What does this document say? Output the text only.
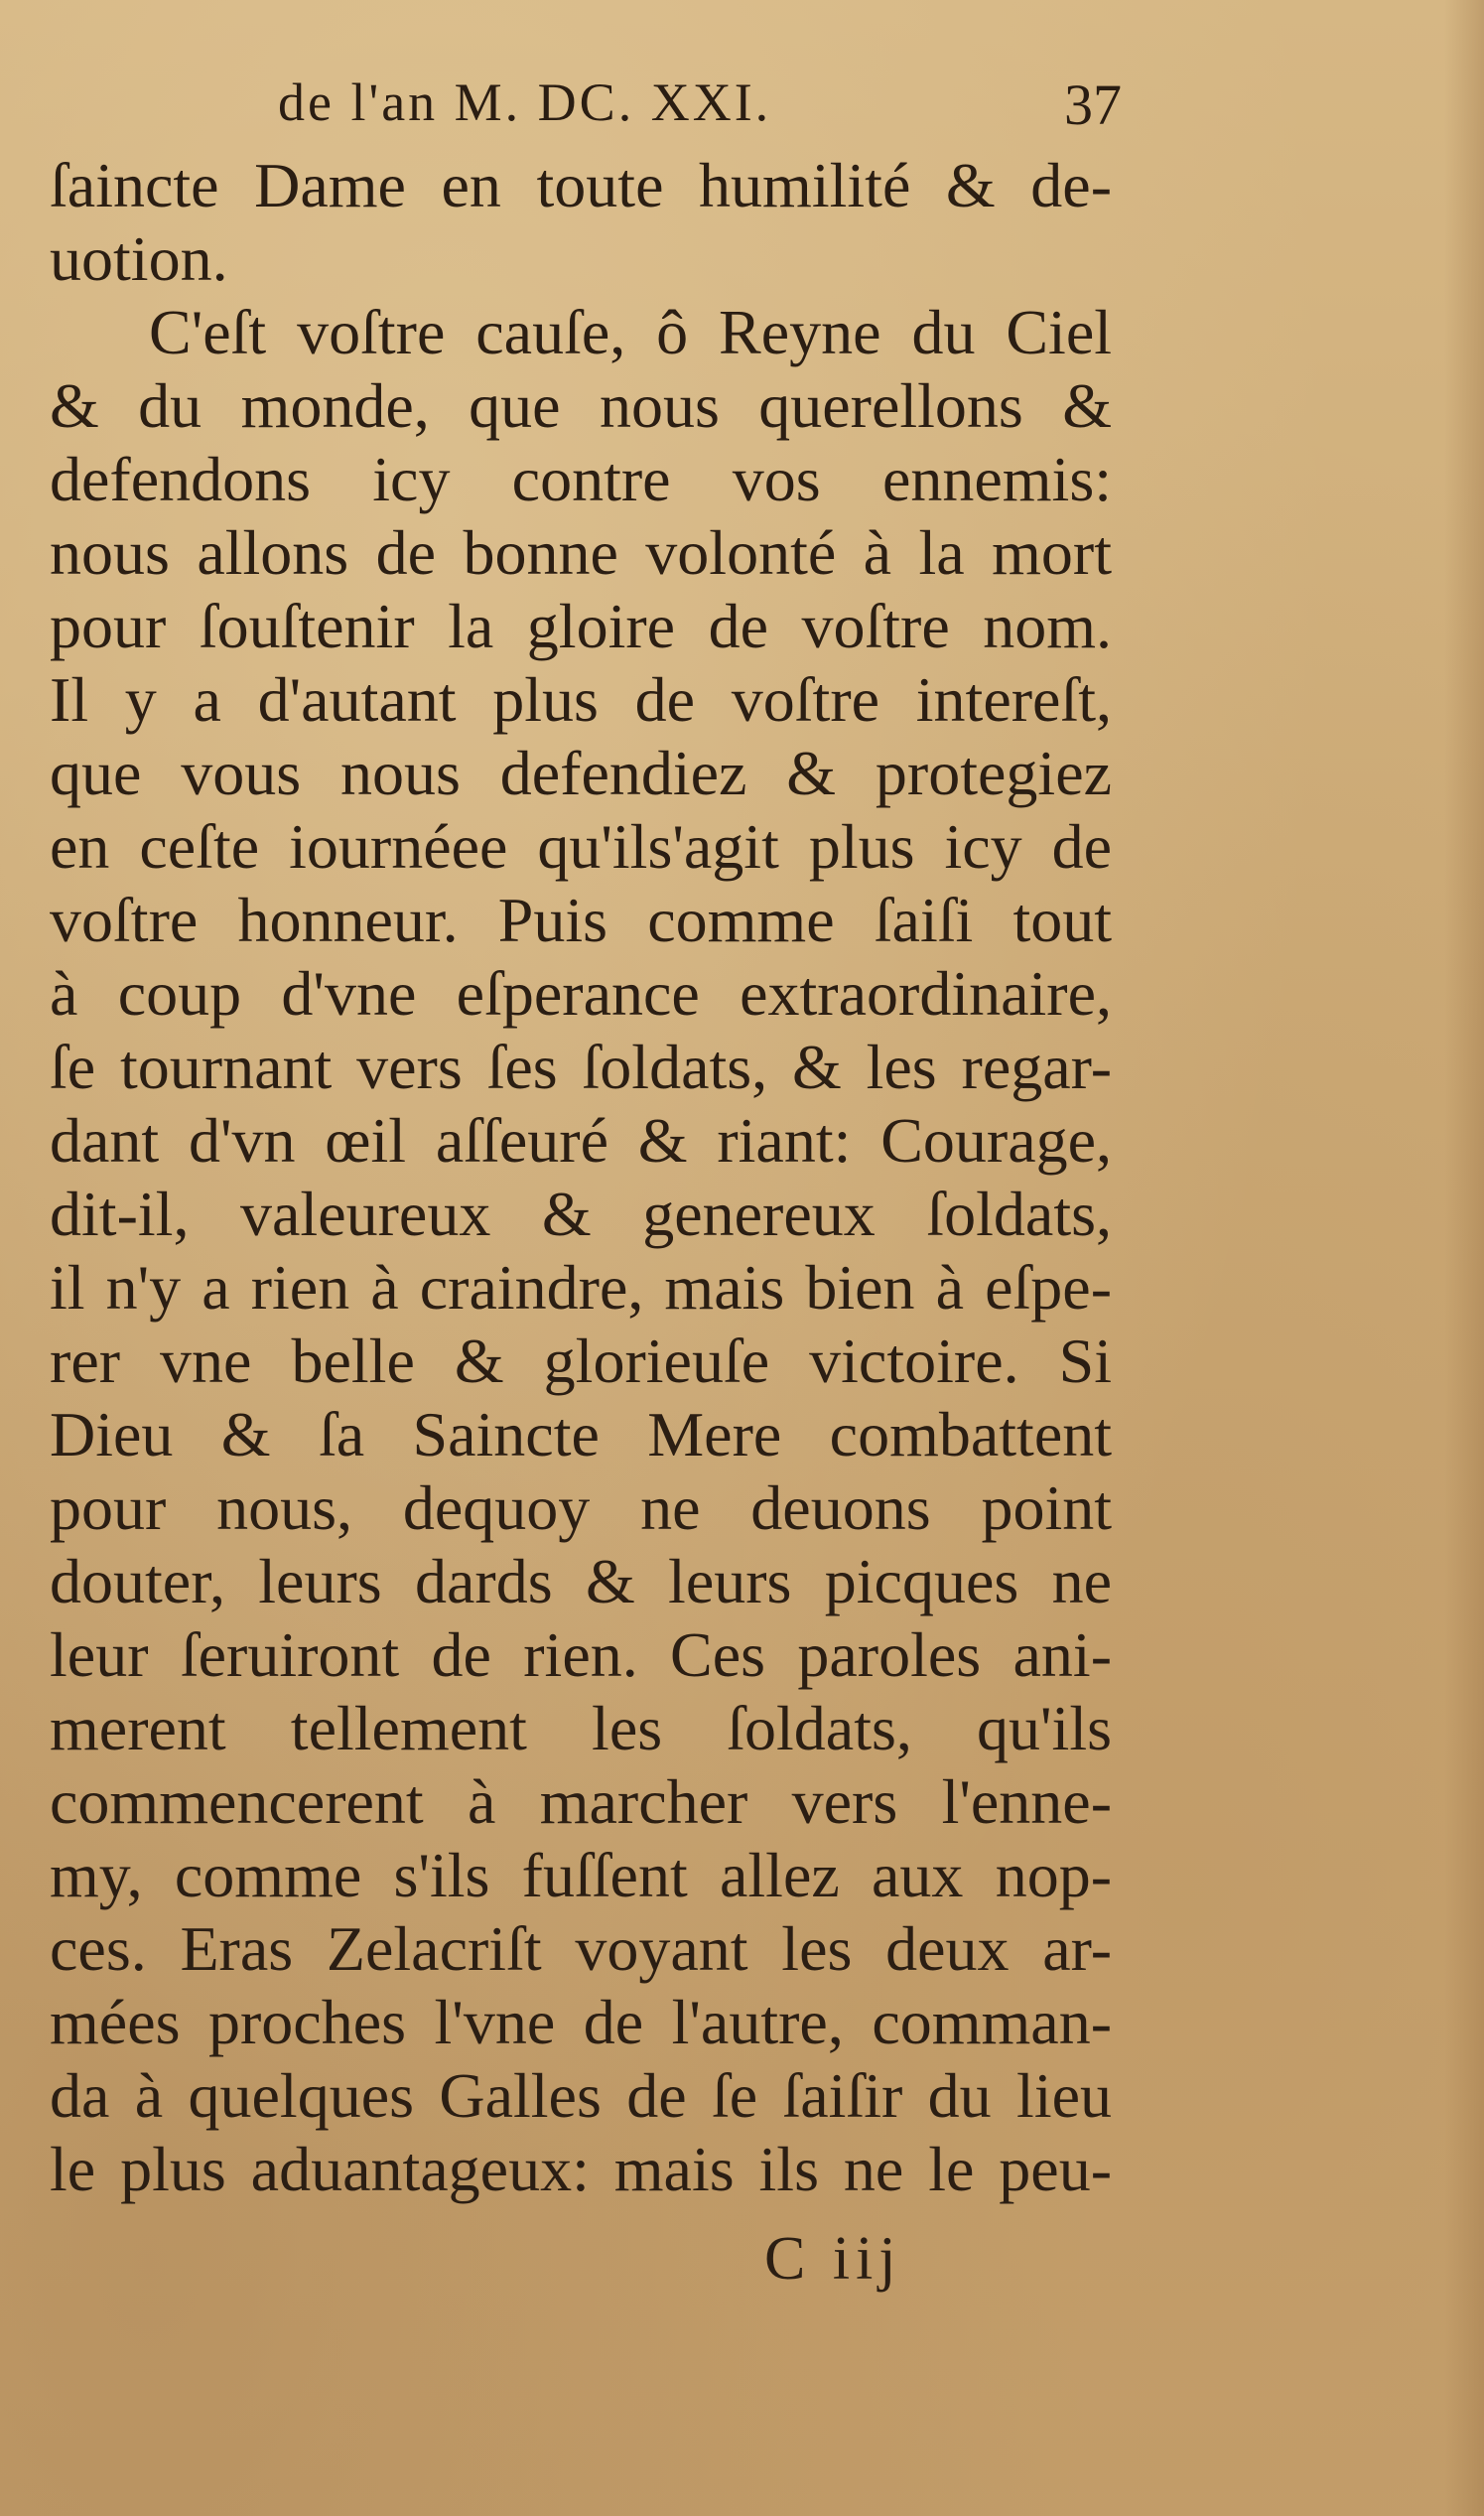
de l'an M. DC. XXI.	37
ſaincte Dame en toute humilité & de-
uotion.
C'eſt voſtre cauſe, ô Reyne du Ciel
& du monde, que nous querellons &
defendons icy contre vos ennemis:
nous allons de bonne volonté à la mort
pour ſouſtenir la gloire de voſtre nom.
Il y a d'autant plus de voſtre intereſt,
que vous nous defendiez & protegiez
en ceſte iournéee qu'ils'agit plus icy de
voſtre honneur. Puis comme ſaiſi tout
à coup d'vne eſperance extraordinaire,
ſe tournant vers ſes ſoldats, & les regar-
dant d'vn œil aſſeuré & riant: Courage,
dit-il, valeureux & genereux ſoldats,
il n'y a rien à craindre, mais bien à eſpe-
rer vne belle & glorieuſe victoire. Si
Dieu & ſa Saincte Mere combattent
pour nous, dequoy ne deuons point
douter, leurs dards & leurs picques ne
leur ſeruiront de rien. Ces paroles ani-
merent tellement les ſoldats, qu'ils
commencerent à marcher vers l'enne-
my, comme s'ils fuſſent allez aux nop-
ces. Eras Zelacriſt voyant les deux ar-
mées proches l'vne de l'autre, comman-
da à quelques Galles de ſe ſaiſir du lieu
le plus aduantageux: mais ils ne le peu-
C iij
